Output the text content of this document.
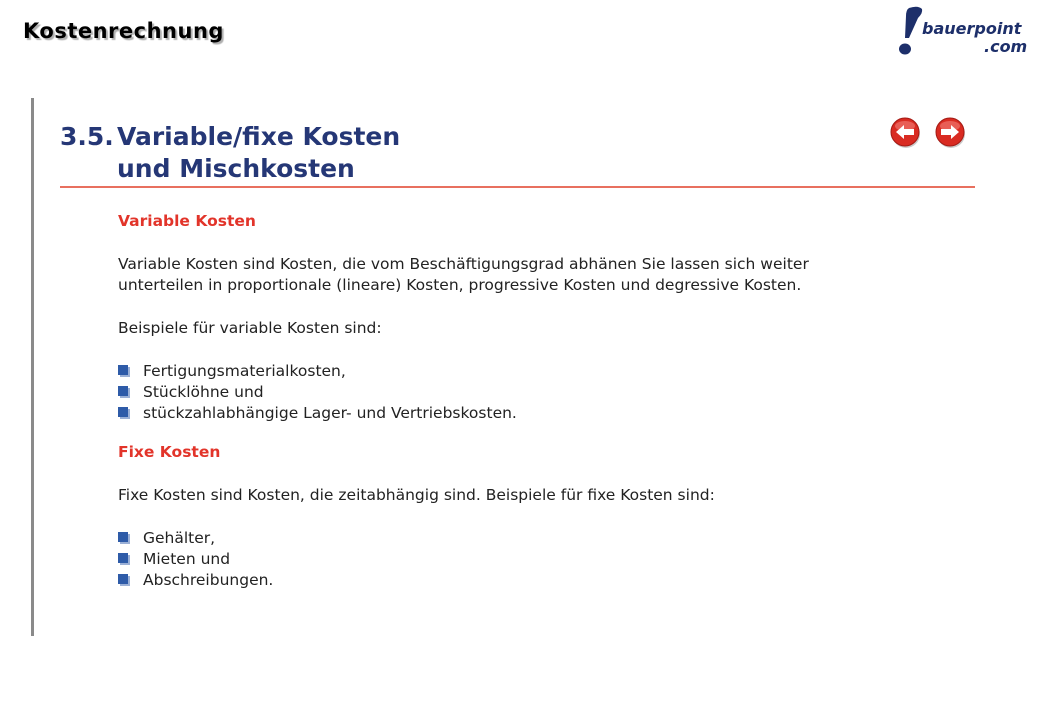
Kostenrechnung	bauerpoint
.com
3.5. Variable/fixe Kosten
und Mischkosten
Variable Kosten

Variable Kosten sind Kosten, die vom Beschäftigungsgrad abhänen Sie lassen sich weiter unterteilen in proportionale (lineare) Kosten, progressive Kosten und degressive Kosten.

Beispiele für variable Kosten sind:

Fertigungsmaterialkosten,
Stücklöhne und
stückzahlabhängige Lager- und Vertriebskosten.
Fixe Kosten

Fixe Kosten sind Kosten, die zeitabhängig sind. Beispiele für fixe Kosten sind:

Gehälter,
Mieten und
Abschreibungen.
